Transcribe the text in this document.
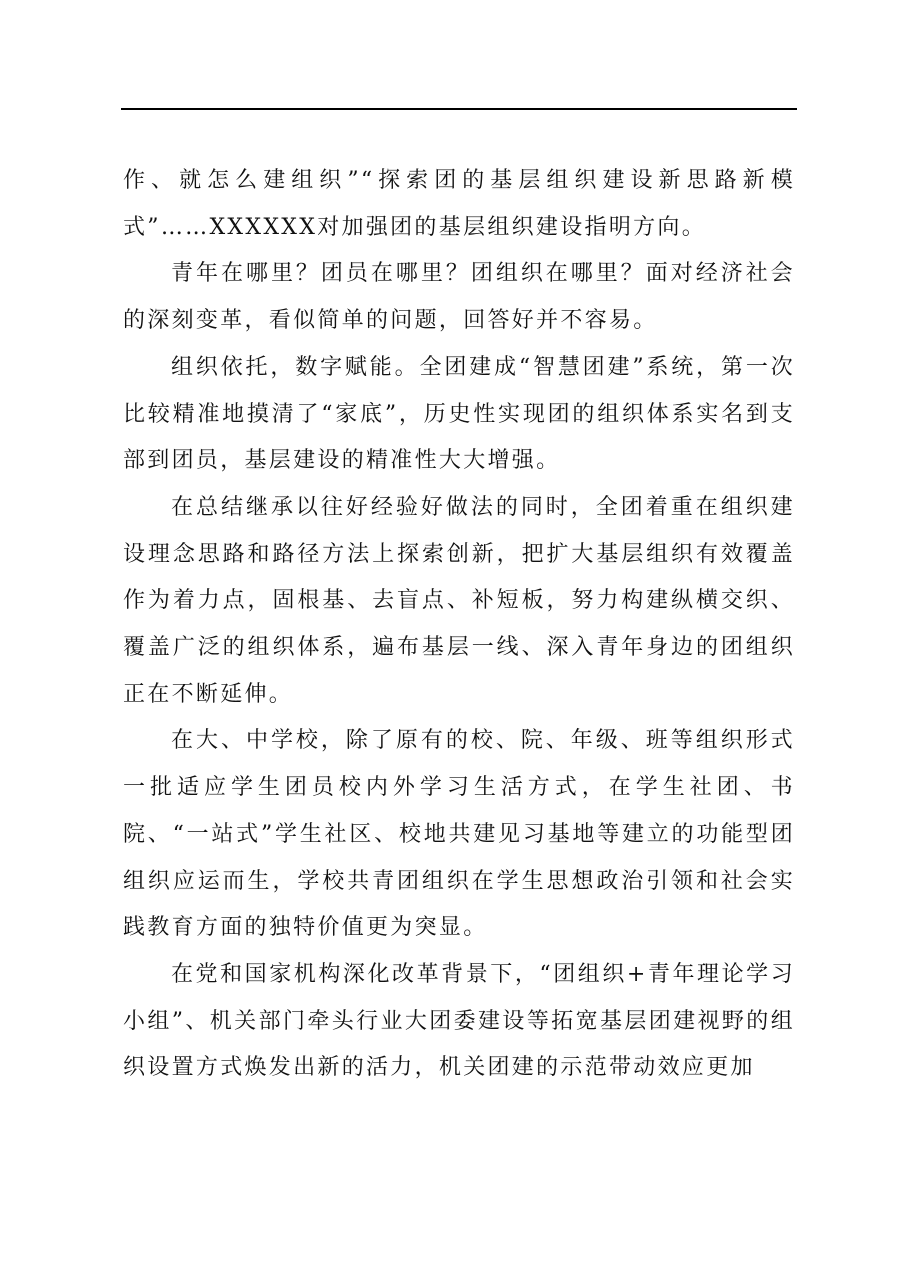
作、就怎么建组织”“探索团的基层组织建设新思路新模式”……XXXXXX对加强团的基层组织建设指明方向。

青年在哪里？团员在哪里？团组织在哪里？面对经济社会的深刻变革，看似简单的问题，回答好并不容易。

组织依托，数字赋能。全团建成“智慧团建”系统，第一次比较精准地摸清了“家底”，历史性实现团的组织体系实名到支部到团员，基层建设的精准性大大增强。

在总结继承以往好经验好做法的同时，全团着重在组织建设理念思路和路径方法上探索创新，把扩大基层组织有效覆盖作为着力点，固根基、去盲点、补短板，努力构建纵横交织、覆盖广泛的组织体系，遍布基层一线、深入青年身边的团组织正在不断延伸。

在大、中学校，除了原有的校、院、年级、班等组织形式一批适应学生团员校内外学习生活方式，在学生社团、书院、“一站式”学生社区、校地共建见习基地等建立的功能型团组织应运而生，学校共青团组织在学生思想政治引领和社会实践教育方面的独特价值更为突显。

在党和国家机构深化改革背景下，“团组织+青年理论学习小组”、机关部门牵头行业大团委建设等拓宽基层团建视野的组织设置方式焕发出新的活力，机关团建的示范带动效应更加
